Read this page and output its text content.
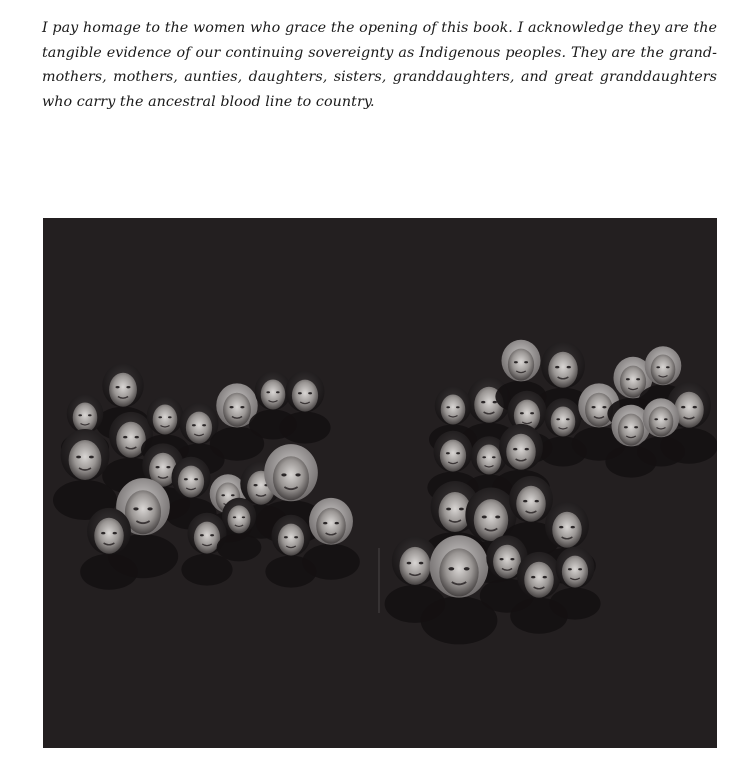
I pay homage to the women who grace the opening of this book. I acknowledge they are the tangible evidence of our continuing sovereignty as Indigenous peoples. They are the grand-mothers, mothers, aunties, daughters, sisters, granddaughters, and great granddaughters who carry the ancestral blood line to country.
